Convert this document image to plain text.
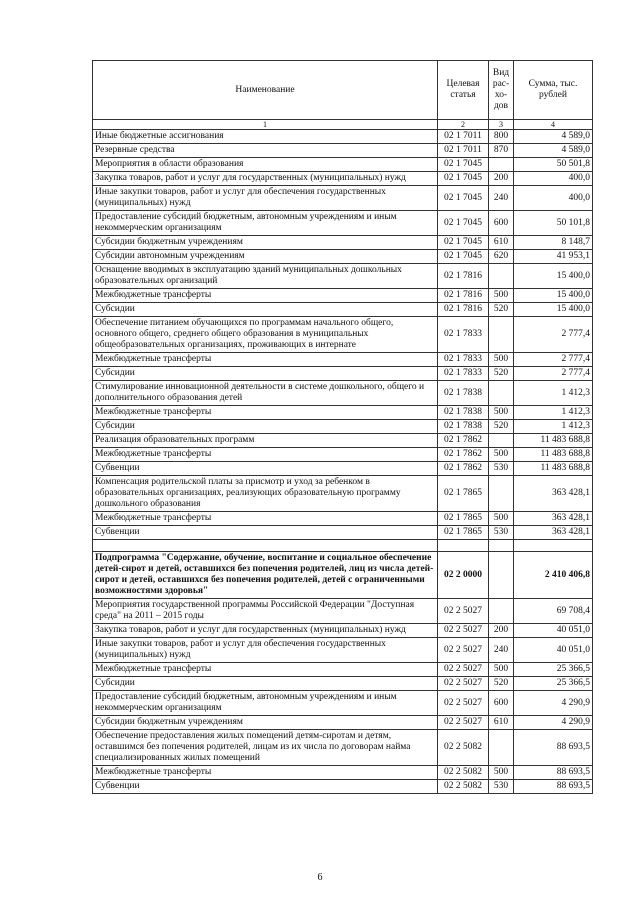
Наименование	Целевая статья	Вид рас- хо- дов	Сумма, тыс. рублей
1	2	3	4
Иные бюджетные ассигнования	02 1 7011	800	4 589,0
Резервные средства	02 1 7011	870	4 589,0
Мероприятия в области образования	02 1 7045		50 501,8
Закупка товаров, работ и услуг для государственных (муниципальных) нужд	02 1 7045	200	400,0
Иные закупки товаров, работ и услуг для обеспечения государственных (муниципальных) нужд	02 1 7045	240	400,0
Предоставление субсидий бюджетным, автономным учреждениям и иным некоммерческим организациям	02 1 7045	600	50 101,8
Субсидии бюджетным учреждениям	02 1 7045	610	8 148,7
Субсидии автономным учреждениям	02 1 7045	620	41 953,1
Оснащение вводимых в эксплуатацию зданий муниципальных дошкольных образовательных организаций	02 1 7816		15 400,0
Межбюджетные трансферты	02 1 7816	500	15 400,0
Субсидии	02 1 7816	520	15 400,0
Обеспечение питанием обучающихся по программам начального общего, основного общего, среднего общего образования в муниципальных общеобразовательных организациях, проживающих в интернате	02 1 7833		2 777,4
Межбюджетные трансферты	02 1 7833	500	2 777,4
Субсидии	02 1 7833	520	2 777,4
Стимулирование инновационной деятельности в системе дошкольного, общего и дополнительного образования детей	02 1 7838		1 412,3
Межбюджетные трансферты	02 1 7838	500	1 412,3
Субсидии	02 1 7838	520	1 412,3
Реализация образовательных программ	02 1 7862		11 483 688,8
Межбюджетные трансферты	02 1 7862	500	11 483 688,8
Субвенции	02 1 7862	530	11 483 688,8
Компенсация родительской платы за присмотр и уход за ребенком в образовательных организациях, реализующих образовательную программу дошкольного образования	02 1 7865		363 428,1
Межбюджетные трансферты	02 1 7865	500	363 428,1
Субвенции	02 1 7865	530	363 428,1

Подпрограмма "Содержание, обучение, воспитание и социальное обеспечение детей-сирот и детей, оставшихся без попечения родителей, лиц из числа детей-сирот и детей, оставшихся без попечения родителей, детей с ограниченными возможностями здоровья"	02 2 0000		2 410 406,8
Мероприятия государственной программы Российской Федерации "Доступная среда" на 2011 – 2015 годы	02 2 5027		69 708,4
Закупка товаров, работ и услуг для государственных (муниципальных) нужд	02 2 5027	200	40 051,0
Иные закупки товаров, работ и услуг для обеспечения государственных (муниципальных) нужд	02 2 5027	240	40 051,0
Межбюджетные трансферты	02 2 5027	500	25 366,5
Субсидии	02 2 5027	520	25 366,5
Предоставление субсидий бюджетным, автономным учреждениям и иным некоммерческим организациям	02 2 5027	600	4 290,9
Субсидии бюджетным учреждениям	02 2 5027	610	4 290,9
Обеспечение предоставления жилых помещений детям-сиротам и детям, оставшимся без попечения родителей, лицам из их числа по договорам найма специализированных жилых помещений	02 2 5082		88 693,5
Межбюджетные трансферты	02 2 5082	500	88 693,5
Субвенции	02 2 5082	530	88 693,5
6
